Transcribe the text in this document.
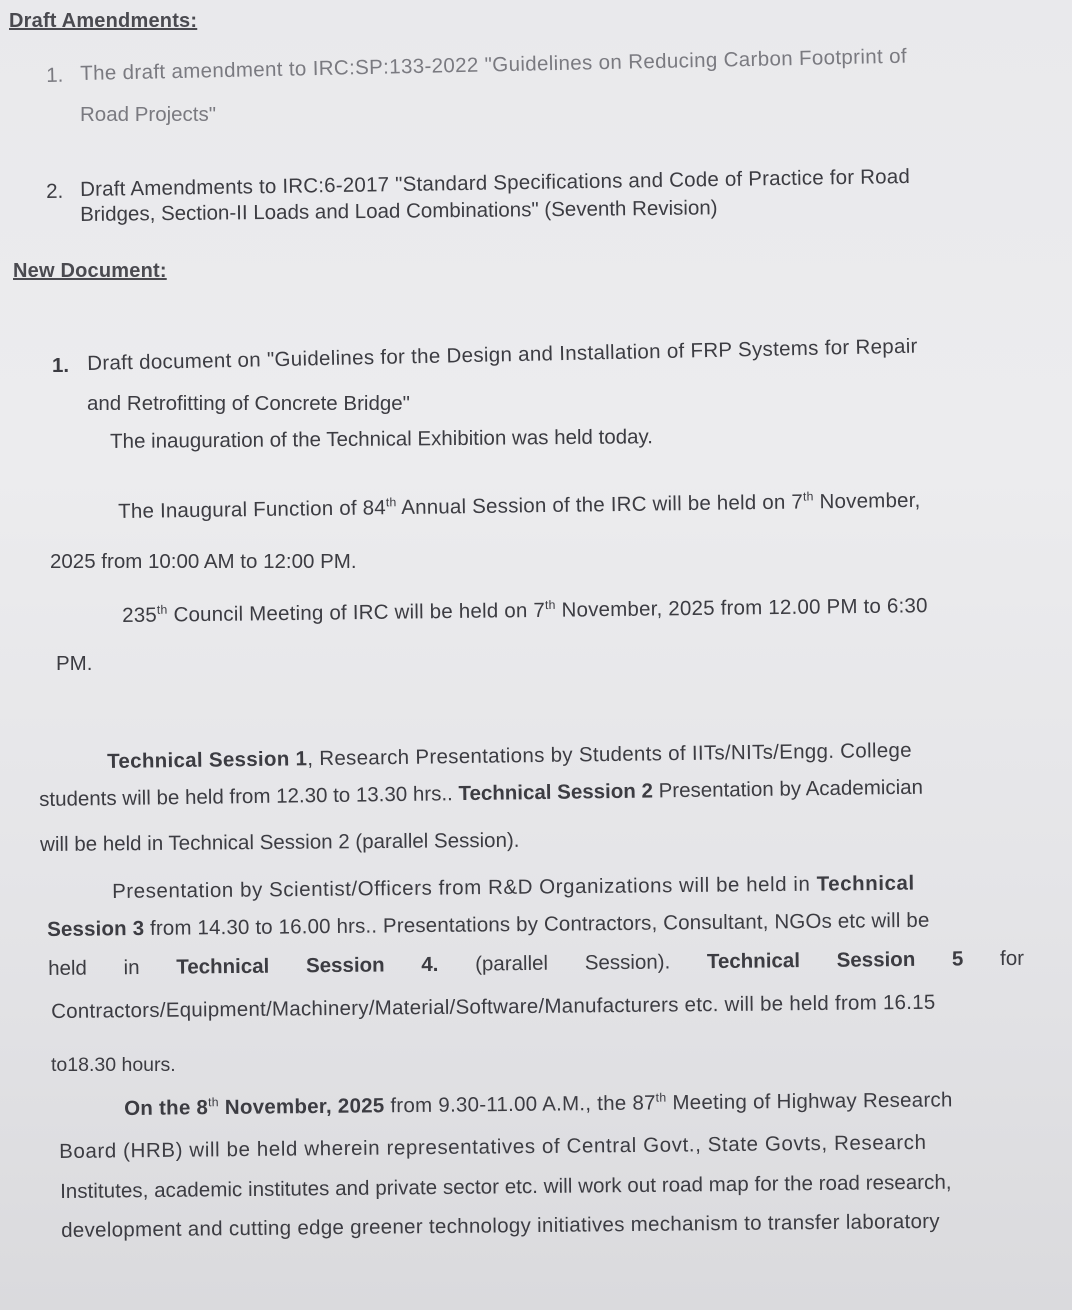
Draft Amendments:
1. The draft amendment to IRC:SP:133-2022 "Guidelines on Reducing Carbon Footprint of
Road Projects"
2. Draft Amendments to IRC:6-2017 "Standard Specifications and Code of Practice for Road
Bridges, Section-II Loads and Load Combinations" (Seventh Revision)
New Document:
1. Draft document on "Guidelines for the Design and Installation of FRP Systems for Repair
and Retrofitting of Concrete Bridge"
The inauguration of the Technical Exhibition was held today.
The Inaugural Function of 84th Annual Session of the IRC will be held on 7th November,
2025 from 10:00 AM to 12:00 PM.
235th Council Meeting of IRC will be held on 7th November, 2025 from 12.00 PM to 6:30
PM.
Technical Session 1, Research Presentations by Students of IITs/NITs/Engg. College
students will be held from 12.30 to 13.30 hrs.. Technical Session 2 Presentation by Academician
will be held in Technical Session 2 (parallel Session).
Presentation by Scientist/Officers from R&D Organizations will be held in Technical
Session 3 from 14.30 to 16.00 hrs.. Presentations by Contractors, Consultant, NGOs etc will be
held in Technical Session 4. (parallel Session). Technical Session 5 for
Contractors/Equipment/Machinery/Material/Software/Manufacturers etc. will be held from 16.15
to18.30 hours.
On the 8th November, 2025 from 9.30-11.00 A.M., the 87th Meeting of Highway Research
Board (HRB) will be held wherein representatives of Central Govt., State Govts, Research
Institutes, academic institutes and private sector etc. will work out road map for the road research,
development and cutting edge greener technology initiatives mechanism to transfer laboratory
